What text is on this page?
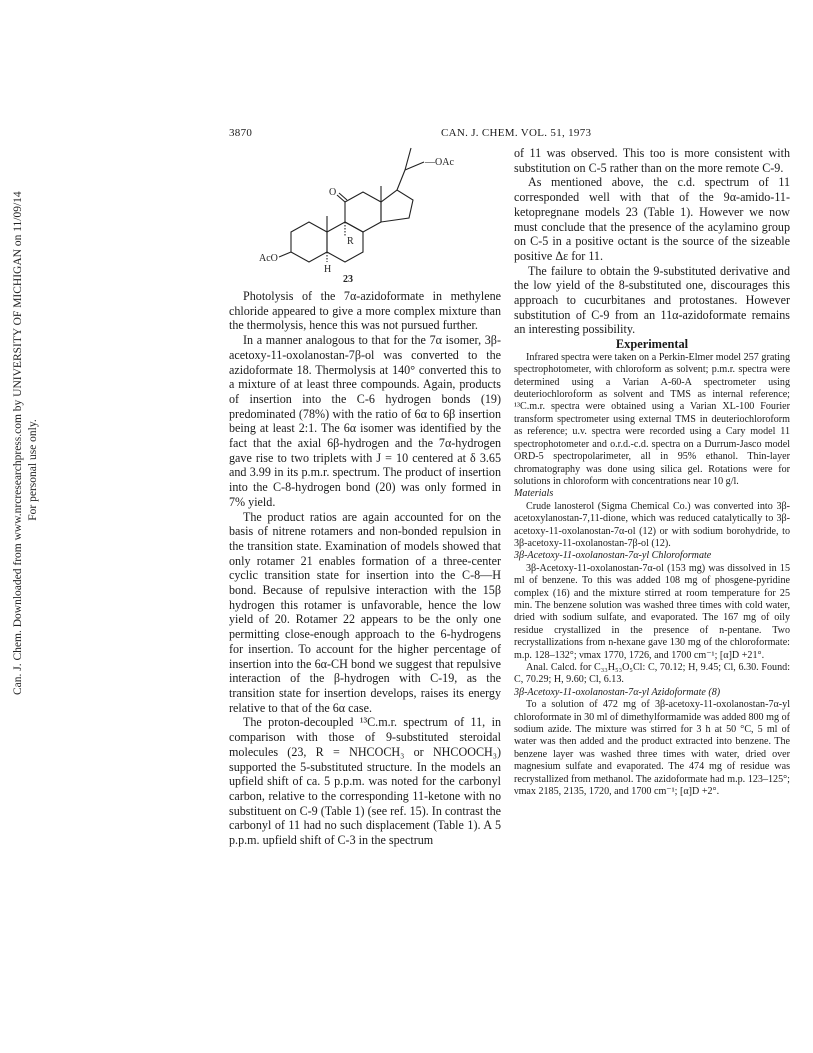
Can. J. Chem. Downloaded from www.nrcresearchpress.com by UNIVERSITY OF MICHIGAN on 11/09/14 For personal use only.
3870	CAN. J. CHEM. VOL. 51, 1973
—OAc
O
R
H
AcO
23

Photolysis of the 7α-azidoformate in methylene chloride appeared to give a more complex mixture than the thermolysis, hence this was not pursued further.

In a manner analogous to that for the 7α isomer, 3β-acetoxy-11-oxolanostan-7β-ol was converted to the azidoformate 18. Thermolysis at 140° converted this to a mixture of at least three compounds. Again, products of insertion into the C-6 hydrogen bonds (19) predominated (78%) with the ratio of 6α to 6β insertion being at least 2:1. The 6α isomer was identified by the fact that the axial 6β-hydrogen and the 7α-hydrogen gave rise to two triplets with J = 10 centered at δ 3.65 and 3.99 in its p.m.r. spectrum. The product of insertion into the C-8-hydrogen bond (20) was only formed in 7% yield.

The product ratios are again accounted for on the basis of nitrene rotamers and non-bonded repulsion in the transition state. Examination of models showed that only rotamer 21 enables formation of a three-center cyclic transition state for insertion into the C-8—H bond. Because of repulsive interaction with the 15β hydrogen this rotamer is unfavorable, hence the low yield of 20. Rotamer 22 appears to be the only one permitting close-enough approach to the 6-hydrogens for insertion. To account for the higher percentage of insertion into the 6α-CH bond we suggest that repulsive interaction of the β-hydrogen with C-19, as the transition state for insertion develops, raises its energy relative to that of the 6α case.

The proton-decoupled ¹³C.m.r. spectrum of 11, in comparison with those of 9-substituted steroidal molecules (23, R = NHCOCH₃ or NHCOOCH₃) supported the 5-substituted structure. In the models an upfield shift of ca. 5 p.p.m. was noted for the carbonyl carbon, relative to the corresponding 11-ketone with no substituent on C-9 (Table 1) (see ref. 15). In contrast the carbonyl of 11 had no such displacement (Table 1). A 5 p.p.m. upfield shift of C-3 in the spectrum

of 11 was observed. This too is more consistent with substitution on C-5 rather than on the more remote C-9.

As mentioned above, the c.d. spectrum of 11 corresponded well with that of the 9α-amido-11-ketopregnane models 23 (Table 1). However we now must conclude that the presence of the acylamino group on C-5 in a positive octant is the source of the sizeable positive Δε for 11.

The failure to obtain the 9-substituted derivative and the low yield of the 8-substituted one, discourages this approach to cucurbitanes and protostanes. However substitution of C-9 from an 11α-azidoformate remains an interesting possibility.

Experimental

Infrared spectra were taken on a Perkin-Elmer model 257 grating spectrophotometer, with chloroform as solvent; p.m.r. spectra were determined using a Varian A-60-A spectrometer using deuteriochloroform as solvent and TMS as internal reference; ¹³C.m.r. spectra were obtained using a Varian XL-100 Fourier transform spectrometer using external TMS in deuteriochloroform as reference; u.v. spectra were recorded using a Cary model 11 spectrophotometer and o.r.d.-c.d. spectra on a Durrum-Jasco model ORD-5 spectropolarimeter, all in 95% ethanol. Thin-layer chromatography was done using silica gel. Rotations were for solutions in chloroform with concentrations near 10 g/l.

Materials

Crude lanosterol (Sigma Chemical Co.) was converted into 3β-acetoxylanostan-7,11-dione, which was reduced catalytically to 3β-acetoxy-11-oxolanostan-7α-ol (12) or with sodium borohydride, to 3β-acetoxy-11-oxolanostan-7β-ol (12).

3β-Acetoxy-11-oxolanostan-7α-yl Chloroformate

3β-Acetoxy-11-oxolanostan-7α-ol (153 mg) was dissolved in 15 ml of benzene. To this was added 108 mg of phosgene-pyridine complex (16) and the mixture stirred at room temperature for 25 min. The benzene solution was washed three times with cold water, dried with sodium sulfate, and evaporated. The 167 mg of oily residue crystallized in the presence of n-pentane. Two recrystallizations from n-hexane gave 130 mg of the chloroformate: m.p. 128–132°; νmax 1770, 1726, and 1700 cm⁻¹; [α]D +21°.

Anal. Calcd. for C₃₃H₅₃O₅Cl: C, 70.12; H, 9.45; Cl, 6.30. Found: C, 70.29; H, 9.60; Cl, 6.13.

3β-Acetoxy-11-oxolanostan-7α-yl Azidoformate (8)

To a solution of 472 mg of 3β-acetoxy-11-oxolanostan-7α-yl chloroformate in 30 ml of dimethylformamide was added 800 mg of sodium azide. The mixture was stirred for 3 h at 50 °C, 5 ml of water was then added and the product extracted into benzene. The benzene layer was washed three times with water, dried over magnesium sulfate and evaporated. The 474 mg of residue was recrystallized from methanol. The azidoformate had m.p. 123–125°; νmax 2185, 2135, 1720, and 1700 cm⁻¹; [α]D +2°.
